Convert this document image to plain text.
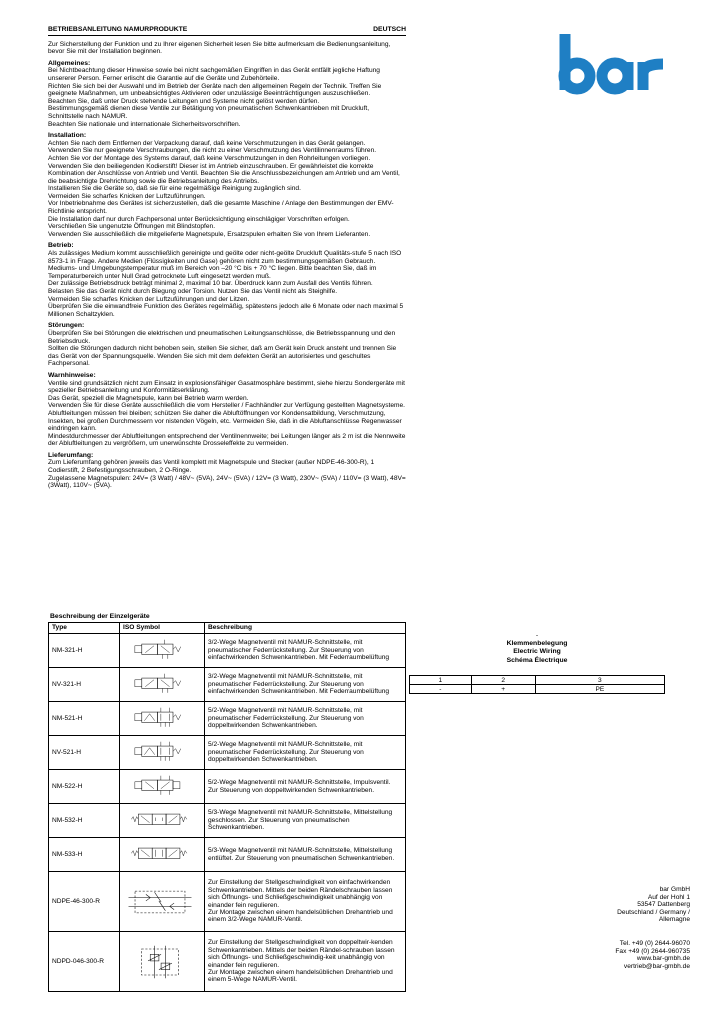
BETRIEBSANLEITUNG NAMURPRODUKTE	DEUTSCH

Zur Sicherstellung der Funktion und zu Ihrer eigenen Sicherheit lesen Sie bitte aufmerksam die Bedienungsanleitung, bevor Sie mit der Installation beginnen.

Allgemeines:

Bei Nichtbeachtung dieser Hinweise sowie bei nicht sachgemäßen Eingriffen in das Gerät entfällt jegliche Haftung unsererer Person. Ferner erlischt die Garantie auf die Geräte und Zubehörteile.
Richten Sie sich bei der Auswahl und im Betrieb der Geräte nach den allgemeinen Regeln der Technik. Treffen Sie geeignete Maßnahmen, um unbeabsichtigtes Aktivieren oder unzulässige Beeinträchtigungen auszuschließen.
Beachten Sie, daß unter Druck stehende Leitungen und Systeme nicht gelöst werden dürfen.
Bestimmungsgemäß dienen diese Ventile zur Betätigung von pneumatischen Schwenkantrieben mit Druckluft, Schnittstelle nach NAMUR.
Beachten Sie nationale und internationale Sicherheitsvorschriften.

Installation:

Achten Sie nach dem Entfernen der Verpackung darauf, daß keine Verschmutzungen in das Gerät gelangen.
Verwenden Sie nur geeignete Verschraubungen, die nicht zu einer Verschmutzung des Ventilinnenraums führen.
Achten Sie vor der Montage des Systems darauf, daß keine Verschmutzungen in den Rohrleitungen vorliegen.
Verwenden Sie den beiliegenden Kodierstift! Dieser ist im Antrieb einzuschrauben. Er gewährleistet die korrekte Kombination der Anschlüsse von Antrieb und Ventil. Beachten Sie die Anschlussbezeichungen am Antrieb und am Ventil, die beabsichtigte Drehrichtung sowie die Betriebsanleitung des Antriebs.
Installieren Sie die Geräte so, daß sie für eine regelmäßige Reinigung zugänglich sind.
Vermeiden Sie scharfes Knicken der Luftzuführungen.
Vor Inbetriebnahme des Gerätes ist sicherzustellen, daß die gesamte Maschine / Anlage den Bestimmungen der EMV-Richtlinie entspricht.
Die Installation darf nur durch Fachpersonal unter Berücksichtigung einschlägiger Vorschriften erfolgen.
Verschließen Sie ungenutzte Öffnungen mit Blindstopfen.
Verwenden Sie ausschließlich die mitgelieferte Magnetspule, Ersatzspulen erhalten Sie von Ihrem Lieferanten.

Betrieb:

Als zulässiges Medium kommt ausschließlich gereinigte und geölte oder nicht-geölte Druckluft Qualitäts-stufe 5 nach ISO 8573-1 in Frage. Andere Medien (Flüssigkeiten und Gase) gehören nicht zum bestimmungsgemäßen Gebrauch.
Mediums- und Umgebungstemperatur muß im Bereich von –20 °C bis + 70 °C liegen. Bitte beachten Sie, daß im Temperaturbereich unter Null Grad getrocknete Luft eingesetzt werden muß.
Der zulässige Betriebsdruck beträgt minimal 2, maximal 10 bar. Überdruck kann zum Ausfall des Ventils führen.
Belasten Sie das Gerät nicht durch Biegung oder Torsion. Nutzen Sie das Ventil nicht als Steighilfe.
Vermeiden Sie scharfes Knicken der Luftzuführungen und der Litzen.
Überprüfen Sie die einwandfreie Funktion des Gerätes regelmäßig, spätestens jedoch alle 6 Monate oder nach maximal 5 Millionen Schaltzyklen.

Störungen:

Überprüfen Sie bei Störungen die elektrischen und pneumatischen Leitungsanschlüsse, die Betriebsspannung und den Betriebsdruck.
Sollten die Störungen dadurch nicht behoben sein, stellen Sie sicher, daß am Gerät kein Druck ansteht und trennen Sie das Gerät von der Spannungsquelle. Wenden Sie sich mit dem defekten Gerät an autorisiertes und geschultes Fachpersonal.

Warnhinweise:

Ventile sind grundsätzlich nicht zum Einsatz in explosionsfähiger Gasatmosphäre bestimmt, siehe hierzu Sondergeräte mit spezieller Betriebsanleitung und Konformitätserklärung.
Das Gerät, speziell die Magnetspule, kann bei Betrieb warm werden.
Verwenden Sie für diese Geräte ausschließlich die vom Hersteller / Fachhändler zur Verfügung gestellten Magnetsysteme.
Abluftleitungen müssen frei bleiben; schützen Sie daher die Abluftöffnungen vor Kondensatbildung, Verschmutzung, Insekten, bei großen Durchmessern vor nistenden Vögeln, etc. Vermeiden Sie, daß in die Abluftanschlüsse Regenwasser eindringen kann.
Mindestdurchmesser der Abluftleitungen entsprechend der Ventilnennweite; bei Leitungen länger als 2 m ist die Nennweite der Abluftleitungen zu vergrößern, um unerwünschte Drosseleffekte zu vermeiden.

Lieferumfang:

Zum Lieferumfang gehören jeweils das Ventil komplett mit Magnetspule und Stecker (außer NDPE-46-300-R), 1 Codierstift, 2 Befestigungsschrauben, 2 O-Ringe.
Zugelassene Magnetspulen: 24V= (3 Watt) / 48V~ (5VA), 24V~ (5VA) / 12V= (3 Watt), 230V~ (5VA) / 110V= (3 Watt), 48V= (3Watt), 110V~ (5VA).

Beschreibung der Einzelgeräte
Type	ISO Symbol	Beschreibung
NM-321-H		3/2-Wege Magnetventil mit NAMUR-Schnittstelle, mit pneumatischer Federrückstellung. Zur Steuerung von einfachwirkenden Schwenkantrieben. Mit Federraumbelüftung
NV-321-H		3/2-Wege Magnetventil mit NAMUR-Schnittstelle, mit pneumatischer Federrückstellung. Zur Steuerung von einfachwirkenden Schwenkantrieben. Mit Federraumbelüftung
NM-521-H		5/2-Wege Magnetventil mit NAMUR-Schnittstelle, mit pneumatischer Federrückstellung. Zur Steuerung von doppeltwirkenden Schwenkantrieben.
NV-521-H		5/2-Wege Magnetventil mit NAMUR-Schnittstelle, mit pneumatischer Federrückstellung. Zur Steuerung von doppeltwirkenden Schwenkantrieben.
NM-522-H		5/2-Wege Magnetventil mit NAMUR-Schnittstelle, Impulsventil. Zur Steuerung von doppeltwirkenden Schwenkantrieben.
NM-532-H		5/3-Wege Magnetventil mit NAMUR-Schnittstelle, Mittelstellung geschlossen. Zur Steuerung von pneumatischen Schwenkantrieben.
NM-533-H		5/3-Wege Magnetventil mit NAMUR-Schnittstelle, Mittelstellung entlüftet. Zur Steuerung von pneumatischen Schwenkantrieben.
NDPE-46-300-R		Zur Einstellung der Stellgeschwindigkeit von einfachwirkenden Schwenkantrieben. Mittels der beiden Rändelschrauben lassen sich Öffnungs- und Schließgeschwindigkeit unabhängig von einander fein regulieren.
Zur Montage zwischen einem handelsüblichen Drehantrieb und einem 3/2-Wege NAMUR-Ventil.
NDPD-046-300-R		Zur Einstellung der Stellgeschwindigkeit von doppeltwir-kenden Schwenkantrieben. Mittels der beiden Rändel-schrauben lassen sich Öffnungs- und Schließgeschwindig-keit unabhängig von einander fein regulieren.
Zur Montage zwischen einem handelsüblichen Drehantrieb und einem 5-Wege NAMUR-Ventil.
-
Klemmenbelegung
Electric Wiring
Schéma Électrique
1	2	3
-	+	PE
bar GmbH
Auf der Hohl 1
53547 Dattenberg
Deutschland / Germany /
Allemagne
Tel. +49 (0) 2644-96070
Fax +49 (0) 2644-960735
www.bar-gmbh.de
vertrieb@bar-gmbh.de
